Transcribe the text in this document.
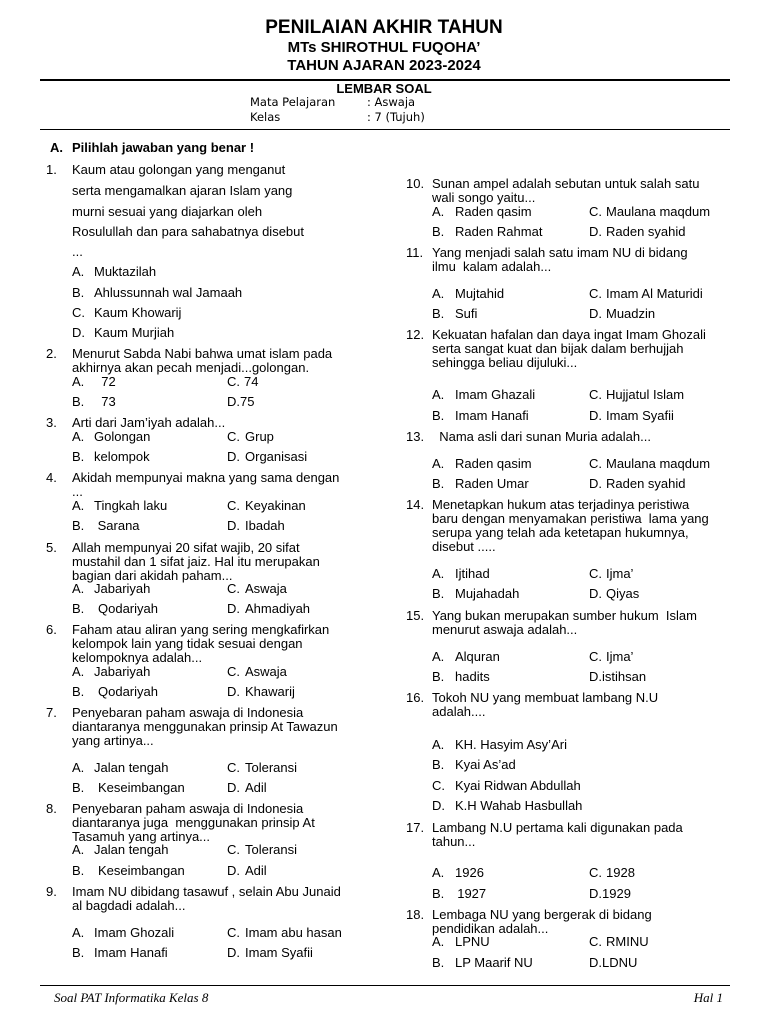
PENILAIAN AKHIR TAHUN
MTs SHIROTHUL FUQOHA’
TAHUN AJARAN 2023-2024
LEMBAR SOAL
Mata Pelajaran	: Aswaja
Kelas	: 7 (Tujuh)
A. Pilihlah jawaban yang benar !
1. Kaum atau golongan yang menganut
serta mengamalkan ajaran Islam yang
murni sesuai yang diajarkan oleh
Rosulullah dan para sahabatnya disebut
...
A. Muktazilah
B. Ahlussunnah wal Jamaah
C. Kaum Khowarij
D. Kaum Murjiah
2. Menurut Sabda Nabi bahwa umat islam pada
akhirnya akan pecah menjadi...golongan.
A. 72	C. 74
B. 73	D. 75
3. Arti dari Jam’iyah adalah...
A. Golongan	C. Grup
B. kelompok	D. Organisasi
4. Akidah mempunyai makna yang sama dengan
...
A. Tingkah laku	C. Keyakinan
B. Sarana	D. Ibadah
5. Allah mempunyai 20 sifat wajib, 20 sifat
mustahil dan 1 sifat jaiz. Hal itu merupakan
bagian dari akidah paham...
A. Jabariyah	C. Aswaja
B. Qodariyah	D. Ahmadiyah
6. Faham atau aliran yang sering mengkafirkan
kelompok lain yang tidak sesuai dengan
kelompoknya adalah...
A. Jabariyah	C. Aswaja
B. Qodariyah	D. Khawarij
7. Penyebaran paham aswaja di Indonesia
diantaranya menggunakan prinsip At Tawazun
yang artinya...
A. Jalan tengah	C. Toleransi
B. Keseimbangan	D. Adil
8. Penyebaran paham aswaja di Indonesia
diantaranya juga  menggunakan prinsip At
Tasamuh yang artinya...
A. Jalan tengah	C. Toleransi
B. Keseimbangan	D. Adil
9. Imam NU dibidang tasawuf , selain Abu Junaid
al bagdadi adalah...
A. Imam Ghozali	C. Imam abu hasan
B. Imam Hanafi	D. Imam Syafii
10. Sunan ampel adalah sebutan untuk salah satu
wali songo yaitu...
A. Raden qasim	C. Maulana maqdum
B. Raden Rahmat	D. Raden syahid
11. Yang menjadi salah satu imam NU di bidang
ilmu  kalam adalah...
A. Mujtahid	C. Imam Al Maturidi
B. Sufi	D. Muadzin
12. Kekuatan hafalan dan daya ingat Imam Ghozali
serta sangat kuat dan bijak dalam berhujjah
sehingga beliau dijuluki...
A. Imam Ghazali	C. Hujjatul Islam
B. Imam Hanafi	D. Imam Syafii
13. Nama asli dari sunan Muria adalah...
A. Raden qasim	C. Maulana maqdum
B. Raden Umar	D. Raden syahid
14. Menetapkan hukum atas terjadinya peristiwa
baru dengan menyamakan peristiwa  lama yang
serupa yang telah ada ketetapan hukumnya,
disebut .....
A. Ijtihad	C. Ijma’
B. Mujahadah	D. Qiyas
15. Yang bukan merupakan sumber hukum  Islam
menurut aswaja adalah...
A. Alquran	C. Ijma’
B. hadits	D.istihsan
16. Tokoh NU yang membuat lambang N.U
adalah....
A. KH. Hasyim Asy’Ari
B. Kyai As’ad
C. Kyai Ridwan Abdullah
D. K.H Wahab Hasbullah
17. Lambang N.U pertama kali digunakan pada
tahun...
A. 1926	C. 1928
B. 1927	D.1929
18. Lembaga NU yang bergerak di bidang
pendidikan adalah...
A. LPNU	C. RMINU
B. LP Maarif NU	D.LDNU
Soal PAT Informatika Kelas 8	Hal 1
